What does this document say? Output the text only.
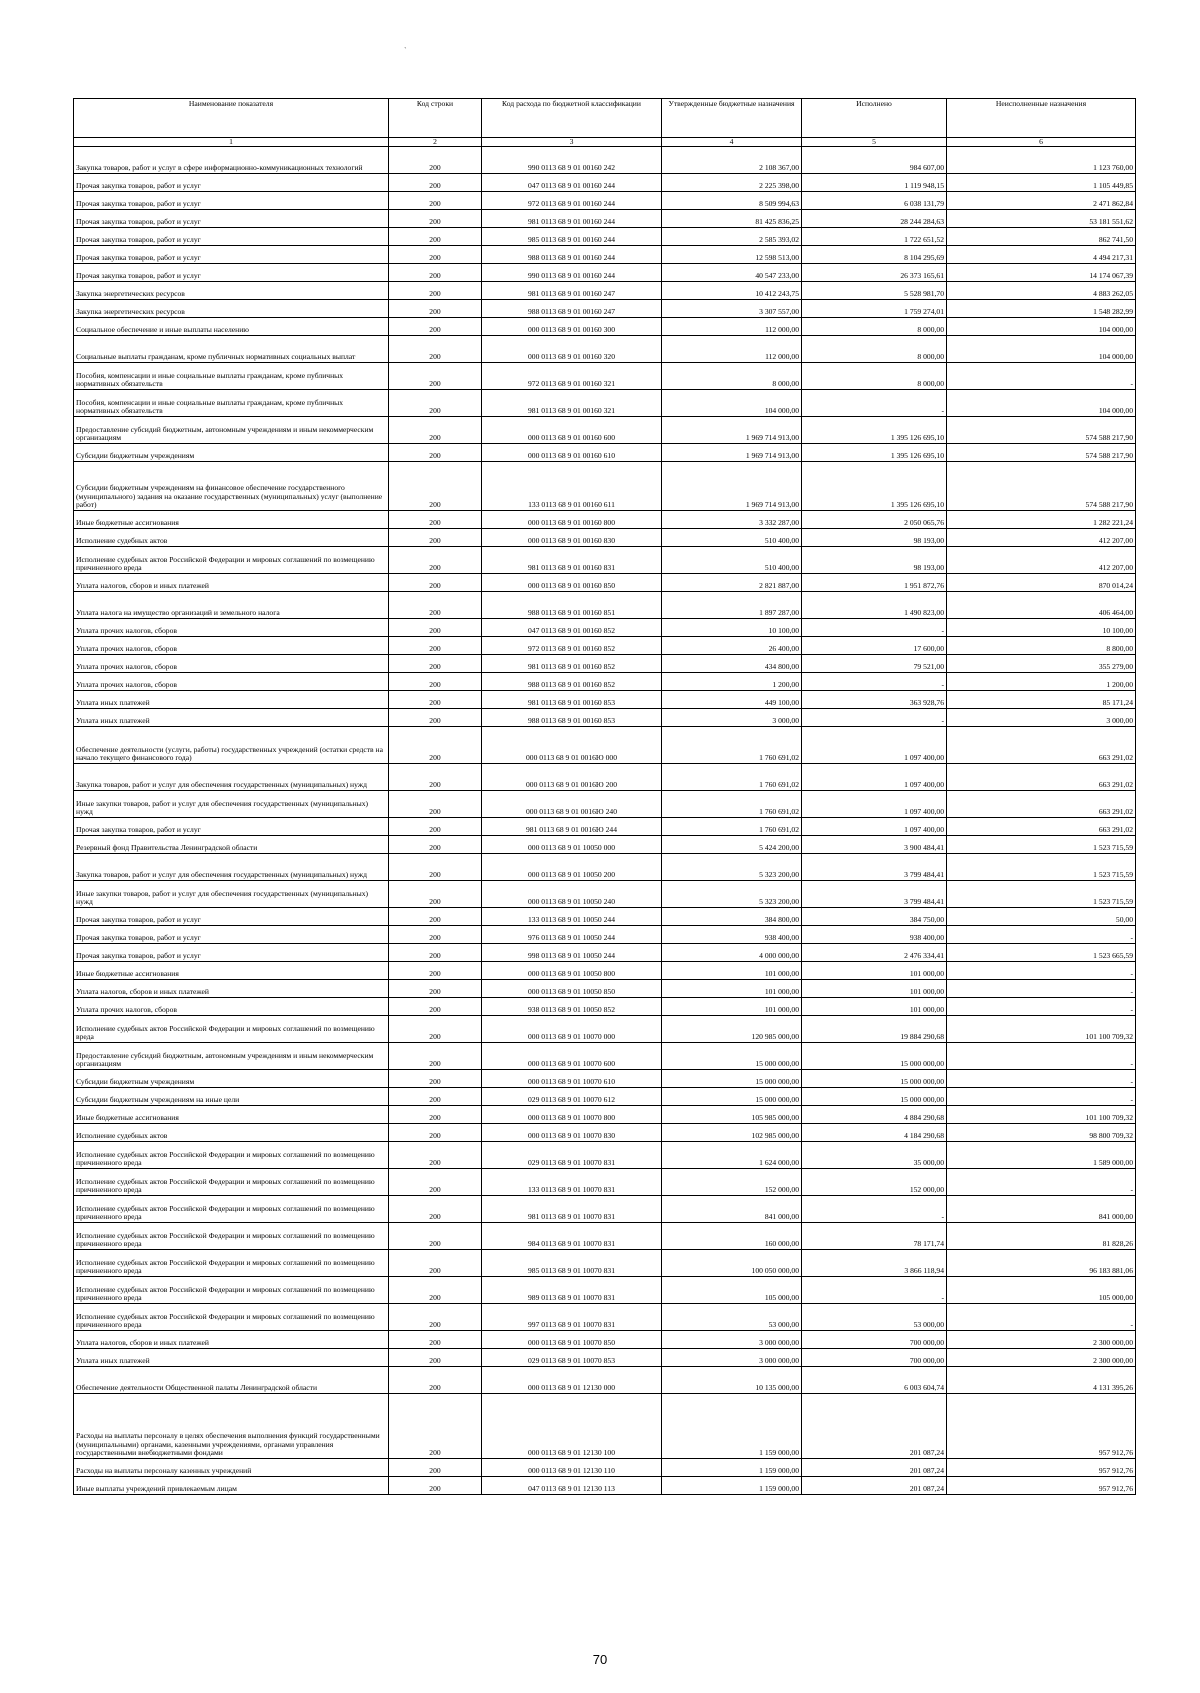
`
Наименование показателя	Код строки	Код расхода по бюджетной классификации	Утвержденные бюджетные назначения	Исполнено	Неисполненные назначения
1	2	3	4	5	6
Закупка товаров, работ и услуг в сфере информационно-коммуникационных технологий	200	990 0113 68 9 01 00160 242	2 108 367,00	984 607,00	1 123 760,00
Прочая закупка товаров, работ и услуг	200	047 0113 68 9 01 00160 244	2 225 398,00	1 119 948,15	1 105 449,85
Прочая закупка товаров, работ и услуг	200	972 0113 68 9 01 00160 244	8 509 994,63	6 038 131,79	2 471 862,84
Прочая закупка товаров, работ и услуг	200	981 0113 68 9 01 00160 244	81 425 836,25	28 244 284,63	53 181 551,62
Прочая закупка товаров, работ и услуг	200	985 0113 68 9 01 00160 244	2 585 393,02	1 722 651,52	862 741,50
Прочая закупка товаров, работ и услуг	200	988 0113 68 9 01 00160 244	12 598 513,00	8 104 295,69	4 494 217,31
Прочая закупка товаров, работ и услуг	200	990 0113 68 9 01 00160 244	40 547 233,00	26 373 165,61	14 174 067,39
Закупка энергетических ресурсов	200	981 0113 68 9 01 00160 247	10 412 243,75	5 528 981,70	4 883 262,05
Закупка энергетических ресурсов	200	988 0113 68 9 01 00160 247	3 307 557,00	1 759 274,01	1 548 282,99
Социальное обеспечение и иные выплаты населению	200	000 0113 68 9 01 00160 300	112 000,00	8 000,00	104 000,00
Социальные выплаты гражданам, кроме публичных нормативных социальных выплат	200	000 0113 68 9 01 00160 320	112 000,00	8 000,00	104 000,00
Пособия, компенсации и иные социальные выплаты гражданам, кроме публичных нормативных обязательств	200	972 0113 68 9 01 00160 321	8 000,00	8 000,00	-
Пособия, компенсации и иные социальные выплаты гражданам, кроме публичных нормативных обязательств	200	981 0113 68 9 01 00160 321	104 000,00	-	104 000,00
Предоставление субсидий бюджетным, автономным учреждениям и иным некоммерческим организациям	200	000 0113 68 9 01 00160 600	1 969 714 913,00	1 395 126 695,10	574 588 217,90
Субсидии бюджетным учреждениям	200	000 0113 68 9 01 00160 610	1 969 714 913,00	1 395 126 695,10	574 588 217,90
Субсидии бюджетным учреждениям на финансовое обеспечение государственного (муниципального) задания на оказание государственных (муниципальных) услуг (выполнение работ)	200	133 0113 68 9 01 00160 611	1 969 714 913,00	1 395 126 695,10	574 588 217,90
Иные бюджетные ассигнования	200	000 0113 68 9 01 00160 800	3 332 287,00	2 050 065,76	1 282 221,24
Исполнение судебных актов	200	000 0113 68 9 01 00160 830	510 400,00	98 193,00	412 207,00
Исполнение судебных актов Российской Федерации и мировых соглашений по возмещению причиненного вреда	200	981 0113 68 9 01 00160 831	510 400,00	98 193,00	412 207,00
Уплата налогов, сборов и иных платежей	200	000 0113 68 9 01 00160 850	2 821 887,00	1 951 872,76	870 014,24
Уплата налога на имущество организаций и земельного налога	200	988 0113 68 9 01 00160 851	1 897 287,00	1 490 823,00	406 464,00
Уплата прочих налогов, сборов	200	047 0113 68 9 01 00160 852	10 100,00	-	10 100,00
Уплата прочих налогов, сборов	200	972 0113 68 9 01 00160 852	26 400,00	17 600,00	8 800,00
Уплата прочих налогов, сборов	200	981 0113 68 9 01 00160 852	434 800,00	79 521,00	355 279,00
Уплата прочих налогов, сборов	200	988 0113 68 9 01 00160 852	1 200,00	-	1 200,00
Уплата иных платежей	200	981 0113 68 9 01 00160 853	449 100,00	363 928,76	85 171,24
Уплата иных платежей	200	988 0113 68 9 01 00160 853	3 000,00	-	3 000,00
Обеспечение деятельности (услуги, работы) государственных учреждений (остатки средств на начало текущего финансового года)	200	000 0113 68 9 01 0016Ю 000	1 760 691,02	1 097 400,00	663 291,02
Закупка товаров, работ и услуг для обеспечения государственных (муниципальных) нужд	200	000 0113 68 9 01 0016Ю 200	1 760 691,02	1 097 400,00	663 291,02
Иные закупки товаров, работ и услуг для обеспечения государственных (муниципальных) нужд	200	000 0113 68 9 01 0016Ю 240	1 760 691,02	1 097 400,00	663 291,02
Прочая закупка товаров, работ и услуг	200	981 0113 68 9 01 0016Ю 244	1 760 691,02	1 097 400,00	663 291,02
Резервный фонд Правительства Ленинградской области	200	000 0113 68 9 01 10050 000	5 424 200,00	3 900 484,41	1 523 715,59
Закупка товаров, работ и услуг для обеспечения государственных (муниципальных) нужд	200	000 0113 68 9 01 10050 200	5 323 200,00	3 799 484,41	1 523 715,59
Иные закупки товаров, работ и услуг для обеспечения государственных (муниципальных) нужд	200	000 0113 68 9 01 10050 240	5 323 200,00	3 799 484,41	1 523 715,59
Прочая закупка товаров, работ и услуг	200	133 0113 68 9 01 10050 244	384 800,00	384 750,00	50,00
Прочая закупка товаров, работ и услуг	200	976 0113 68 9 01 10050 244	938 400,00	938 400,00	-
Прочая закупка товаров, работ и услуг	200	998 0113 68 9 01 10050 244	4 000 000,00	2 476 334,41	1 523 665,59
Иные бюджетные ассигнования	200	000 0113 68 9 01 10050 800	101 000,00	101 000,00	-
Уплата налогов, сборов и иных платежей	200	000 0113 68 9 01 10050 850	101 000,00	101 000,00	-
Уплата прочих налогов, сборов	200	938 0113 68 9 01 10050 852	101 000,00	101 000,00	-
Исполнение судебных актов Российской Федерации и мировых соглашений по возмещению вреда	200	000 0113 68 9 01 10070 000	120 985 000,00	19 884 290,68	101 100 709,32
Предоставление субсидий бюджетным, автономным учреждениям и иным некоммерческим организациям	200	000 0113 68 9 01 10070 600	15 000 000,00	15 000 000,00	-
Субсидии бюджетным учреждениям	200	000 0113 68 9 01 10070 610	15 000 000,00	15 000 000,00	-
Субсидии бюджетным учреждениям на иные цели	200	029 0113 68 9 01 10070 612	15 000 000,00	15 000 000,00	-
Иные бюджетные ассигнования	200	000 0113 68 9 01 10070 800	105 985 000,00	4 884 290,68	101 100 709,32
Исполнение судебных актов	200	000 0113 68 9 01 10070 830	102 985 000,00	4 184 290,68	98 800 709,32
Исполнение судебных актов Российской Федерации и мировых соглашений по возмещению причиненного вреда	200	029 0113 68 9 01 10070 831	1 624 000,00	35 000,00	1 589 000,00
Исполнение судебных актов Российской Федерации и мировых соглашений по возмещению причиненного вреда	200	133 0113 68 9 01 10070 831	152 000,00	152 000,00	-
Исполнение судебных актов Российской Федерации и мировых соглашений по возмещению причиненного вреда	200	981 0113 68 9 01 10070 831	841 000,00	-	841 000,00
Исполнение судебных актов Российской Федерации и мировых соглашений по возмещению причиненного вреда	200	984 0113 68 9 01 10070 831	160 000,00	78 171,74	81 828,26
Исполнение судебных актов Российской Федерации и мировых соглашений по возмещению причиненного вреда	200	985 0113 68 9 01 10070 831	100 050 000,00	3 866 118,94	96 183 881,06
Исполнение судебных актов Российской Федерации и мировых соглашений по возмещению причиненного вреда	200	989 0113 68 9 01 10070 831	105 000,00	-	105 000,00
Исполнение судебных актов Российской Федерации и мировых соглашений по возмещению причиненного вреда	200	997 0113 68 9 01 10070 831	53 000,00	53 000,00	-
Уплата налогов, сборов и иных платежей	200	000 0113 68 9 01 10070 850	3 000 000,00	700 000,00	2 300 000,00
Уплата иных платежей	200	029 0113 68 9 01 10070 853	3 000 000,00	700 000,00	2 300 000,00
Обеспечение деятельности Общественной палаты Ленинградской области	200	000 0113 68 9 01 12130 000	10 135 000,00	6 003 604,74	4 131 395,26
Расходы на выплаты персоналу в целях обеспечения выполнения функций государственными (муниципальными) органами, казенными учреждениями, органами управления государственными внебюджетными фондами	200	000 0113 68 9 01 12130 100	1 159 000,00	201 087,24	957 912,76
Расходы на выплаты персоналу казенных учреждений	200	000 0113 68 9 01 12130 110	1 159 000,00	201 087,24	957 912,76
Иные выплаты учреждений привлекаемым лицам	200	047 0113 68 9 01 12130 113	1 159 000,00	201 087,24	957 912,76
70
